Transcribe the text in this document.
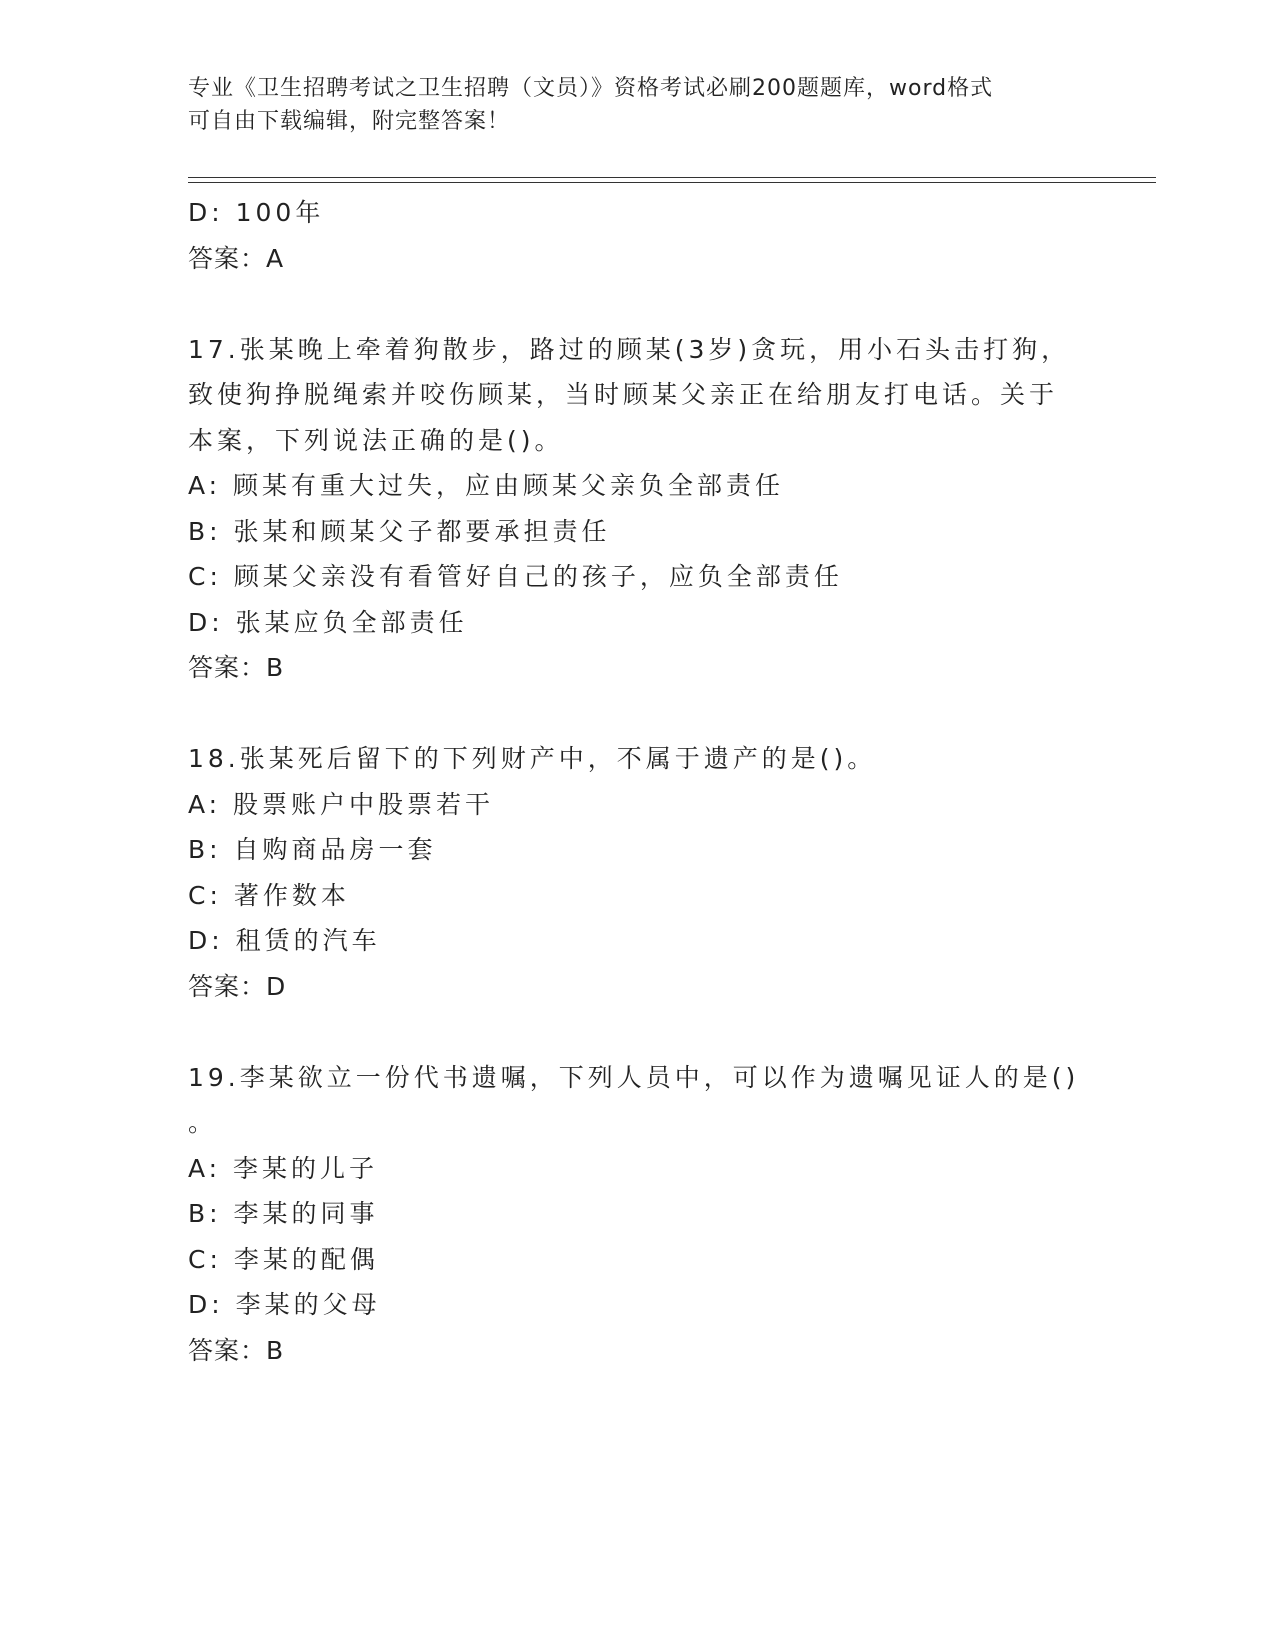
专业《卫生招聘考试之卫生招聘（文员）》资格考试必刷200题题库，word格式
可自由下载编辑，附完整答案！
D: 100年
答案：A
17.张某晚上牵着狗散步，路过的顾某(3岁)贪玩，用小石头击打狗，
致使狗挣脱绳索并咬伤顾某，当时顾某父亲正在给朋友打电话。关于
本案，下列说法正确的是()。
A: 顾某有重大过失，应由顾某父亲负全部责任
B: 张某和顾某父子都要承担责任
C: 顾某父亲没有看管好自己的孩子，应负全部责任
D: 张某应负全部责任
答案：B
18.张某死后留下的下列财产中，不属于遗产的是()。
A: 股票账户中股票若干
B: 自购商品房一套
C: 著作数本
D: 租赁的汽车
答案：D
19.李某欲立一份代书遗嘱，下列人员中，可以作为遗嘱见证人的是()
。
A: 李某的儿子
B: 李某的同事
C: 李某的配偶
D: 李某的父母
答案：B
